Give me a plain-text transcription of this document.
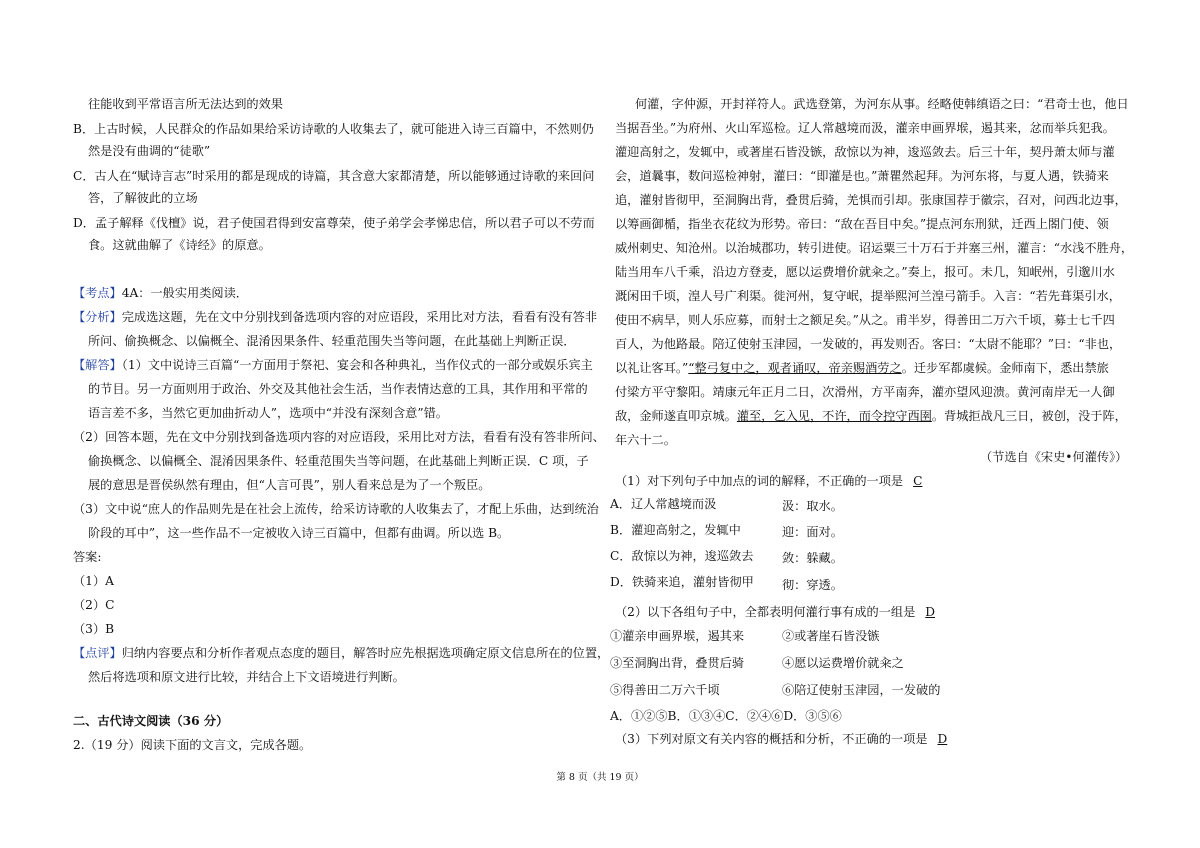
往能收到平常语言所无法达到的效果
B．上古时候，人民群众的作品如果给采访诗歌的人收集去了，就可能进入诗三百篇中，不然则仍
然是没有曲调的“徒歌”
C．古人在“赋诗言志”时采用的都是现成的诗篇，其含意大家都清楚，所以能够通过诗歌的来回问
答，了解彼此的立场
D．孟子解释《伐檀》说，君子使国君得到安富尊荣，使子弟学会孝悌忠信，所以君子可以不劳而
食。这就曲解了《诗经》的原意。
【考点】4A：一般实用类阅读．
【分析】完成选这题，先在文中分别找到备选项内容的对应语段，采用比对方法，看看有没有答非
所问、偷换概念、以偏概全、混淆因果条件、轻重范围失当等问题，在此基础上判断正误．
【解答】（1）文中说诗三百篇“一方面用于祭祀、宴会和各种典礼，当作仪式的一部分或娱乐宾主
的节目。另一方面则用于政治、外交及其他社会生活，当作表情达意的工具，其作用和平常的
语言差不多，当然它更加曲折动人”，选项中“并没有深刻含意”错。
（2）回答本题，先在文中分别找到备选项内容的对应语段，采用比对方法，看看有没有答非所问、
偷换概念、以偏概全、混淆因果条件、轻重范围失当等问题，在此基础上判断正误．C 项，子
展的意思是晋侯纵然有理由，但“人言可畏”，别人看来总是为了一个叛臣。
（3）文中说“庶人的作品则先是在社会上流传，给采访诗歌的人收集去了，才配上乐曲，达到统治
阶段的耳中”，这一些作品不一定被收入诗三百篇中，但都有曲调。所以选 B。
答案:
（1）A
（2）C
（3）B
【点评】归纳内容要点和分析作者观点态度的题目，解答时应先根据选项确定原文信息所在的位置，
然后将选项和原文进行比较，并结合上下文语境进行判断。
二、古代诗文阅读（36 分）
2.（19 分）阅读下面的文言文，完成各题。
何灌，字仲源，开封祥符人。武选登第，为河东从事。经略使韩缜语之曰：“君奇士也，他日
当据吾坐。”为府州、火山军巡检。辽人常越境而汲，灌亲申画界堠，遏其来，忿而举兵犯我。
灌迎高射之，发辄中，或著崖石皆没镞，敌惊以为神，逡巡敛去。后三十年，契丹萧太师与灌
会，道曩事，数问巡检神射，灌曰：“即灌是也。”萧瞿然起拜。为河东将，与夏人遇，铁骑来
追，灌射皆彻甲，至洞胸出背，叠贯后骑，羌惧而引却。张康国荐于徽宗，召对，问西北边事，
以筹画御楯，指坐衣花纹为形势。帝曰：“敌在吾目中矣。”提点河东刑狱，迁西上閤门使、领
威州刺史、知沧州。以治城郡功，转引进使。诏运粟三十万石于并塞三州，灌言：“水浅不胜舟，
陆当用车八千乘，沿边方登麦，愿以运费增价就籴之。”奏上，报可。未几，知岷州，引邈川水
溉闲田千顷，湟人号广利渠。徙河州，复守岷，提举熙河兰湟弓箭手。入言：“若先葺渠引水，
使田不病旱，则人乐应募，而射士之额足矣。”从之。甫半岁，得善田二万六千顷，募士七千四
百人，为他路最。陪辽使射玉津园，一发破的，再发则否。客曰：“太尉不能耶？”曰：“非也，
以礼让客耳。”“整弓复中之，观者诵叹，帝亲赐酒劳之。迁步军都虞候。金师南下，悉出禁旅
付梁方平守黎阳。靖康元年正月二日，次滑州，方平南奔，灌亦望风迎溃。黄河南岸无一人御
敌，金师遂直叩京城。灌至，乞入见，不许，而令控守西圉。背城拒战凡三日，被创，没于阵，
年六十二。
（节选自《宋史•何灌传》）
（1）对下列句子中加点的词的解释，不正确的一项是 C
A．辽人常越境而汲	汲：取水。
B．灌迎高射之，发辄中	迎：面对。
C．敌惊以为神，逡巡敛去 敛：躲藏。
D．铁骑来追，灌射皆彻甲 彻：穿透。
（2）以下各组句子中，全都表明何灌行事有成的一组是 D
①灌亲申画界堠，遏其来	②或著崖石皆没镞
③至洞胸出背，叠贯后骑	④愿以运费增价就籴之
⑤得善田二万六千顷	⑥陪辽使射玉津园，一发破的
A．①②⑤B．①③④C．②④⑥D．③⑤⑥
（3）下列对原文有关内容的概括和分析，不正确的一项是 D
第 8 页（共 19 页）
